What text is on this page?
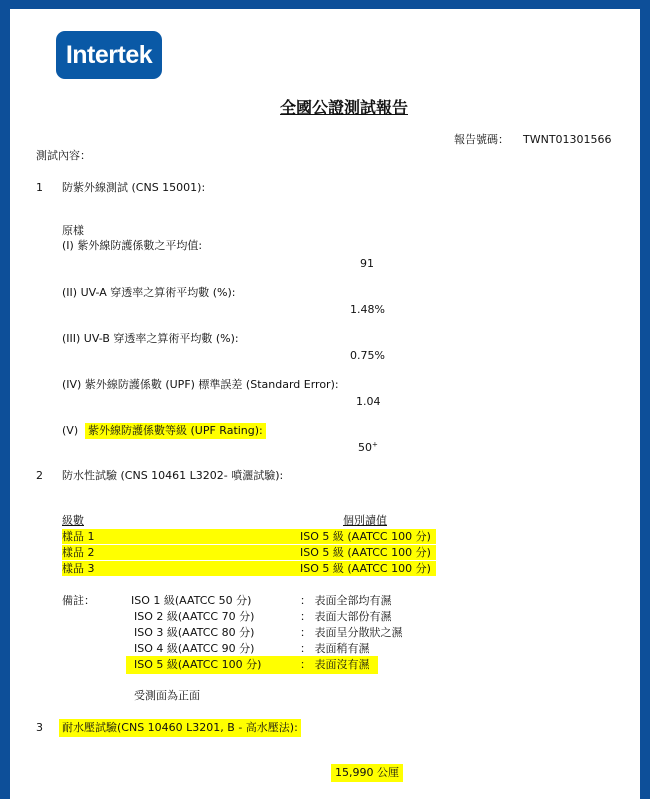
Intertek
全國公證測試報告
報告號碼： TWNT01301566
測試內容：
1 防紫外線測試 (CNS 15001):
原樣
(I) 紫外線防護係數之平均值:
91
(II) UV-A 穿透率之算術平均數 (%):
1.48%
(III) UV-B 穿透率之算術平均數 (%):
0.75%
(IV) 紫外線防護係數 (UPF) 標準誤差 (Standard Error):
1.04
(V) 紫外線防護係數等級 (UPF Rating):
50+
2 防水性試驗 (CNS 10461 L3202- 噴灑試驗):
級數	個別讀值
樣品 1	ISO 5 級 (AATCC 100 分)
樣品 2	ISO 5 級 (AATCC 100 分)
樣品 3	ISO 5 級 (AATCC 100 分)
備註：	ISO 1 級(AATCC 50 分)	： 表面全部均有濕
ISO 2 級(AATCC 70 分)	： 表面大部份有濕
ISO 3 級(AATCC 80 分)	： 表面呈分散狀之濕
ISO 4 級(AATCC 90 分)	： 表面稍有濕
ISO 5 級(AATCC 100 分)	： 表面沒有濕
受測面為正面
3 耐水壓試驗(CNS 10460 L3201, B - 高水壓法):
15,990 公厘
